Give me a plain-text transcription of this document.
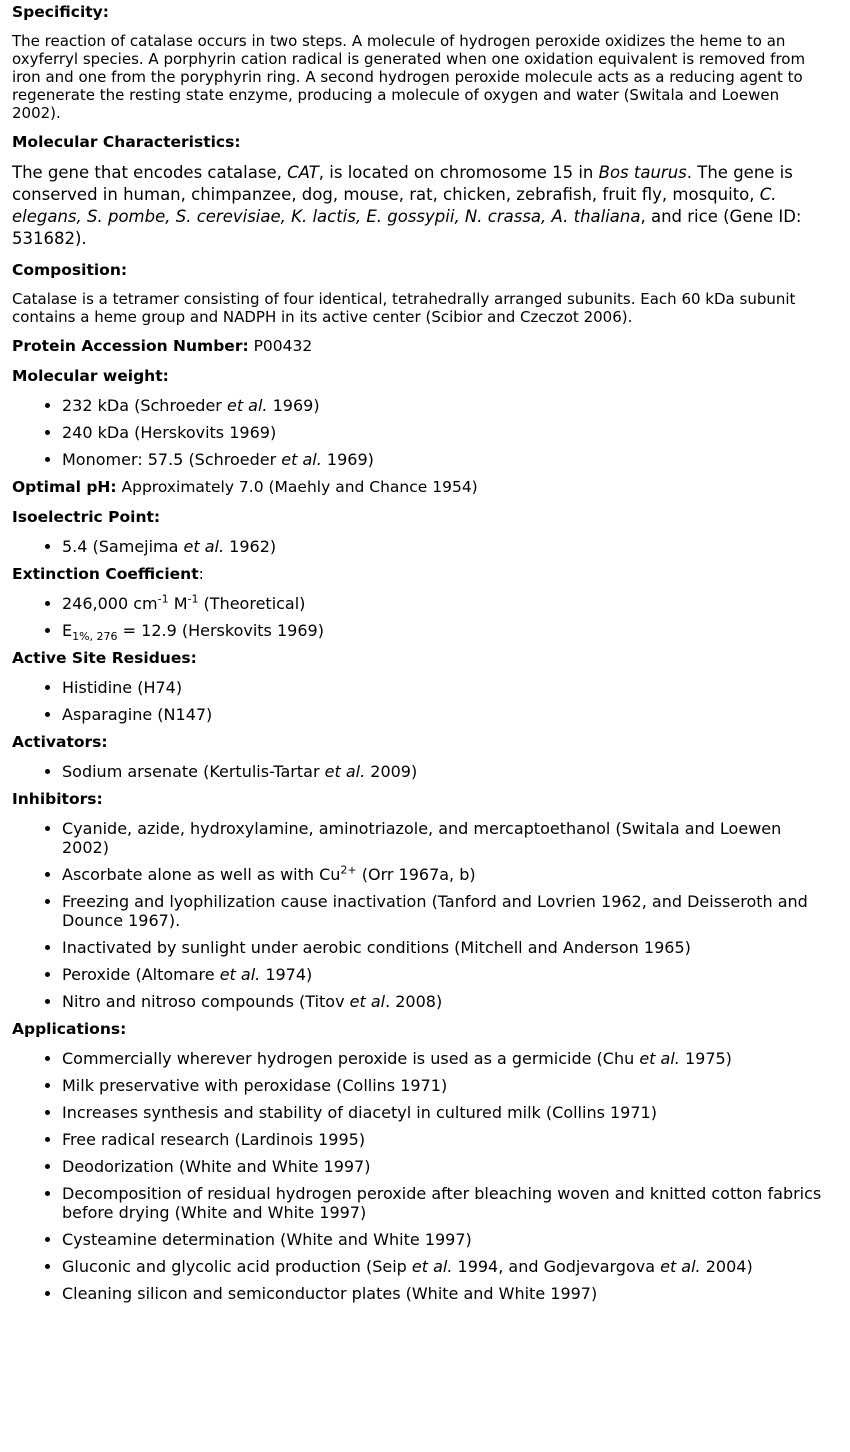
Specificity:

The reaction of catalase occurs in two steps. A molecule of hydrogen peroxide oxidizes the heme to an oxyferryl species. A porphyrin cation radical is generated when one oxidation equivalent is removed from iron and one from the poryphyrin ring. A second hydrogen peroxide molecule acts as a reducing agent to regenerate the resting state enzyme, producing a molecule of oxygen and water (Switala and Loewen 2002).

Molecular Characteristics:

The gene that encodes catalase, CAT, is located on chromosome 15 in Bos taurus. The gene is conserved in human, chimpanzee, dog, mouse, rat, chicken, zebrafish, fruit fly, mosquito, C. elegans, S. pombe, S. cerevisiae, K. lactis, E. gossypii, N. crassa, A. thaliana, and rice (Gene ID: 531682).

Composition:

Catalase is a tetramer consisting of four identical, tetrahedrally arranged subunits. Each 60 kDa subunit contains a heme group and NADPH in its active center (Scibior and Czeczot 2006).

Protein Accession Number: P00432
Molecular weight:
• 232 kDa (Schroeder et al. 1969)
• 240 kDa (Herskovits 1969)
• Monomer: 57.5 (Schroeder et al. 1969)
Optimal pH: Approximately 7.0 (Maehly and Chance 1954)
Isoelectric Point:
• 5.4 (Samejima et al. 1962)
Extinction Coefficient:
• 246,000 $cm^{-1}$ $M^{-1}$ (Theoretical)
• $E_{1\%, 276} = 12.9$ (Herskovits 1969)
Active Site Residues:
• Histidine (H74)
• Asparagine (N147)
Activators:
• Sodium arsenate (Kertulis-Tartar et al. 2009)
Inhibitors:
• Cyanide, azide, hydroxylamine, aminotriazole, and mercaptoethanol (Switala and Loewen 2002)
• Ascorbate alone as well as with $Cu^{2+}$ (Orr 1967a, b)
• Freezing and lyophilization cause inactivation (Tanford and Lovrien 1962, and Deisseroth and Dounce 1967).
• Inactivated by sunlight under aerobic conditions (Mitchell and Anderson 1965)
• Peroxide (Altomare et al. 1974)
• Nitro and nitroso compounds (Titov et al. 2008)
Applications:
• Commercially wherever hydrogen peroxide is used as a germicide (Chu et al. 1975)
• Milk preservative with peroxidase (Collins 1971)
• Increases synthesis and stability of diacetyl in cultured milk (Collins 1971)
• Free radical research (Lardinois 1995)
• Deodorization (White and White 1997)
• Decomposition of residual hydrogen peroxide after bleaching woven and knitted cotton fabrics before drying (White and White 1997)
• Cysteamine determination (White and White 1997)
• Gluconic and glycolic acid production (Seip et al. 1994, and Godjevargova et al. 2004)
• Cleaning silicon and semiconductor plates (White and White 1997)
